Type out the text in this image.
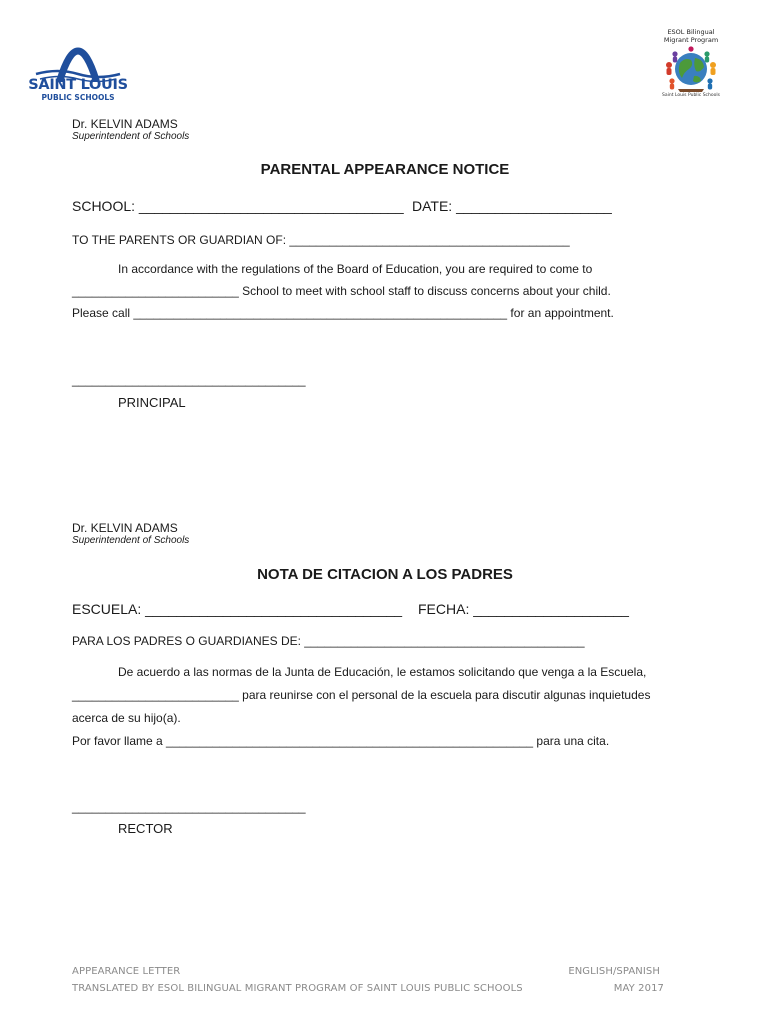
SAINT LOUIS

PUBLIC SCHOOLS

ESOL Bilingual

Migrant Program

Saint Louis Public Schools

Dr. KELVIN ADAMS
Superintendent of Schools
PARENTAL APPEARANCE NOTICE
SCHOOL: __________________________________ DATE: ____________________
TO THE PARENTS OR GUARDIAN OF: __________________________________________
In accordance with the regulations of the Board of Education, you are required to come to
_________________________ School to meet with school staff to discuss concerns about your child.
Please call ________________________________________________________ for an appointment.
___________________________________
PRINCIPAL
Dr. KELVIN ADAMS
Superintendent of Schools
NOTA DE CITACION A LOS PADRES
ESCUELA: _________________________________ FECHA: ____________________
PARA LOS PADRES O GUARDIANES DE: __________________________________________
De acuerdo a las normas de la Junta de Educación, le estamos solicitando que venga a la Escuela,
_________________________ para reunirse con el personal de la escuela para discutir algunas inquietudes
acerca de su hijo(a).
Por favor llame a _______________________________________________________ para una cita.
___________________________________
RECTOR
APPEARANCE LETTER
TRANSLATED BY ESOL BILINGUAL MIGRANT PROGRAM OF SAINT LOUIS PUBLIC SCHOOLS
ENGLISH/SPANISH
MAY 2017
